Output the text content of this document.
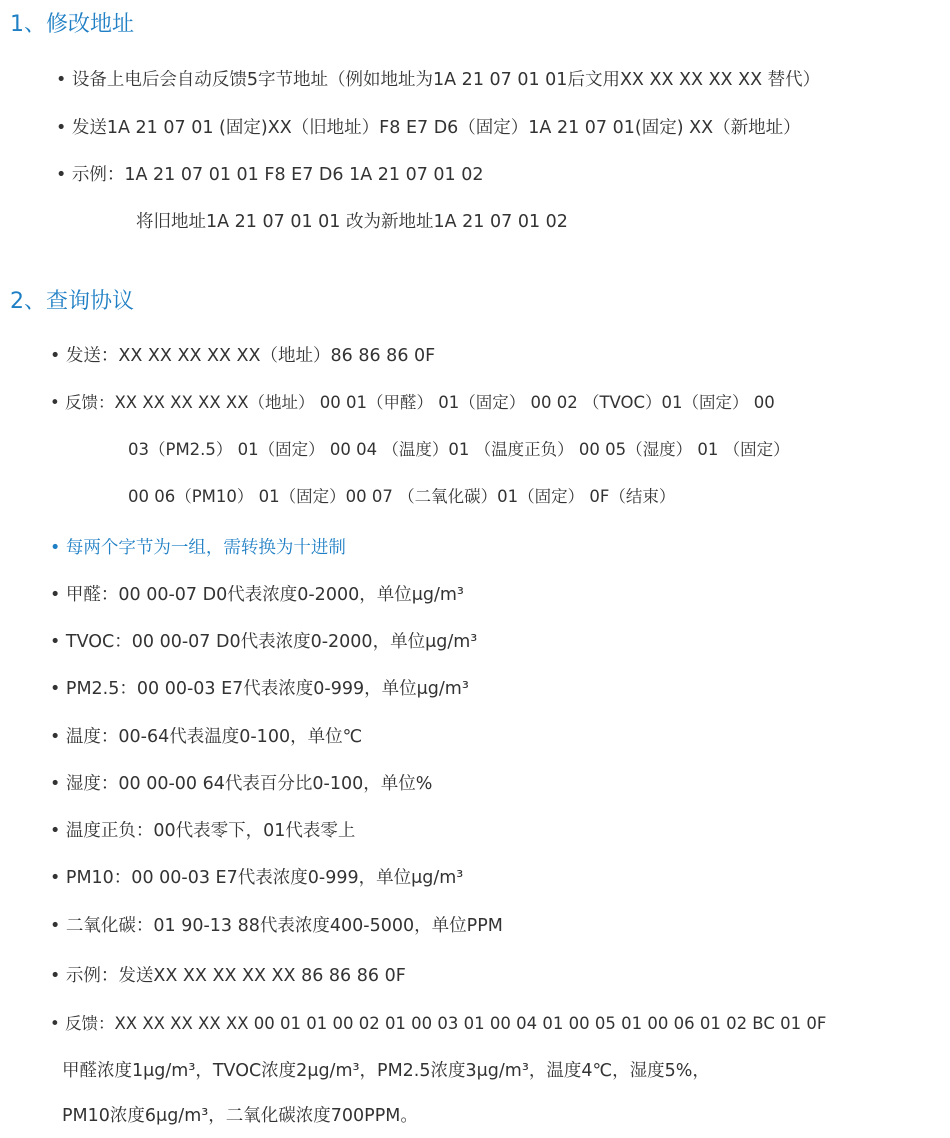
1、修改地址
• 设备上电后会自动反馈5字节地址（例如地址为1A 21 07 01 01后文用XX XX XX XX XX 替代）
• 发送1A 21 07 01 (固定)XX（旧地址）F8 E7 D6（固定）1A 21 07 01(固定) XX（新地址）
• 示例：1A 21 07 01 01 F8 E7 D6 1A 21 07 01 02
将旧地址1A 21 07 01 01 改为新地址1A 21 07 01 02
2、查询协议
• 发送：XX XX XX XX XX（地址）86 86 86 0F
• 反馈：XX XX XX XX XX（地址） 00 01（甲醛） 01（固定） 00 02 （TVOC）01（固定） 00
03（PM2.5） 01（固定） 00 04 （温度）01 （温度正负） 00 05（湿度） 01 （固定）
00 06（PM10） 01（固定）00 07 （二氧化碳）01（固定） 0F（结束）
• 每两个字节为一组，需转换为十进制
• 甲醛：00 00-07 D0代表浓度0-2000，单位μg/m³
• TVOC：00 00-07 D0代表浓度0-2000，单位μg/m³
• PM2.5：00 00-03 E7代表浓度0-999，单位μg/m³
• 温度：00-64代表温度0-100，单位℃
• 湿度：00 00-00 64代表百分比0-100，单位%
• 温度正负：00代表零下，01代表零上
• PM10：00 00-03 E7代表浓度0-999，单位μg/m³
• 二氧化碳：01 90-13 88代表浓度400-5000，单位PPM
• 示例：发送XX XX XX XX XX 86 86 86 0F
• 反馈：XX XX XX XX XX 00 01 01 00 02 01 00 03 01 00 04 01 00 05 01 00 06 01 02 BC 01 0F
甲醛浓度1μg/m³，TVOC浓度2μg/m³，PM2.5浓度3μg/m³，温度4℃，湿度5%，
PM10浓度6μg/m³，二氧化碳浓度700PPM。
